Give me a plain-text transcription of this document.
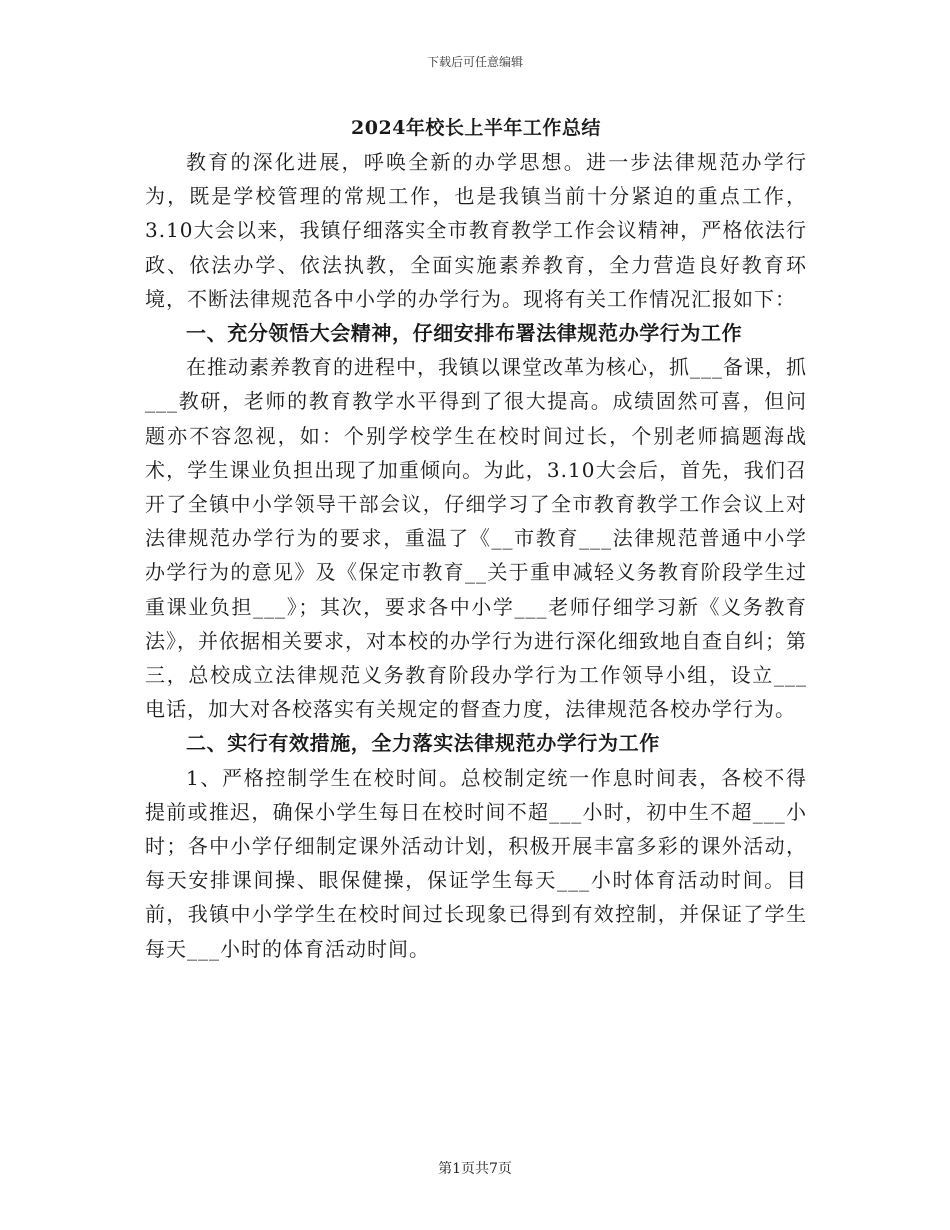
下载后可任意编辑
2024年校长上半年工作总结

教育的深化进展，呼唤全新的办学思想。进一步法律规范办学行为，既是学校管理的常规工作，也是我镇当前十分紧迫的重点工作，3.10大会以来，我镇仔细落实全市教育教学工作会议精神，严格依法行政、依法办学、依法执教，全面实施素养教育，全力营造良好教育环境，不断法律规范各中小学的办学行为。现将有关工作情况汇报如下：

一、充分领悟大会精神，仔细安排布署法律规范办学行为工作

在推动素养教育的进程中，我镇以课堂改革为核心，抓___备课，抓___教研，老师的教育教学水平得到了很大提高。成绩固然可喜，但问题亦不容忽视，如：个别学校学生在校时间过长，个别老师搞题海战术，学生课业负担出现了加重倾向。为此，3.10大会后，首先，我们召开了全镇中小学领导干部会议，仔细学习了全市教育教学工作会议上对法律规范办学行为的要求，重温了《__市教育___法律规范普通中小学办学行为的意见》及《保定市教育__关于重申减轻义务教育阶段学生过重课业负担___》；其次，要求各中小学___老师仔细学习新《义务教育法》，并依据相关要求，对本校的办学行为进行深化细致地自查自纠；第三，总校成立法律规范义务教育阶段办学行为工作领导小组，设立___电话，加大对各校落实有关规定的督查力度，法律规范各校办学行为。

二、实行有效措施，全力落实法律规范办学行为工作

1、严格控制学生在校时间。总校制定统一作息时间表，各校不得提前或推迟，确保小学生每日在校时间不超___小时，初中生不超___小时；各中小学仔细制定课外活动计划，积极开展丰富多彩的课外活动，每天安排课间操、眼保健操，保证学生每天___小时体育活动时间。目前，我镇中小学学生在校时间过长现象已得到有效控制，并保证了学生每天___小时的体育活动时间。

第1页共7页
